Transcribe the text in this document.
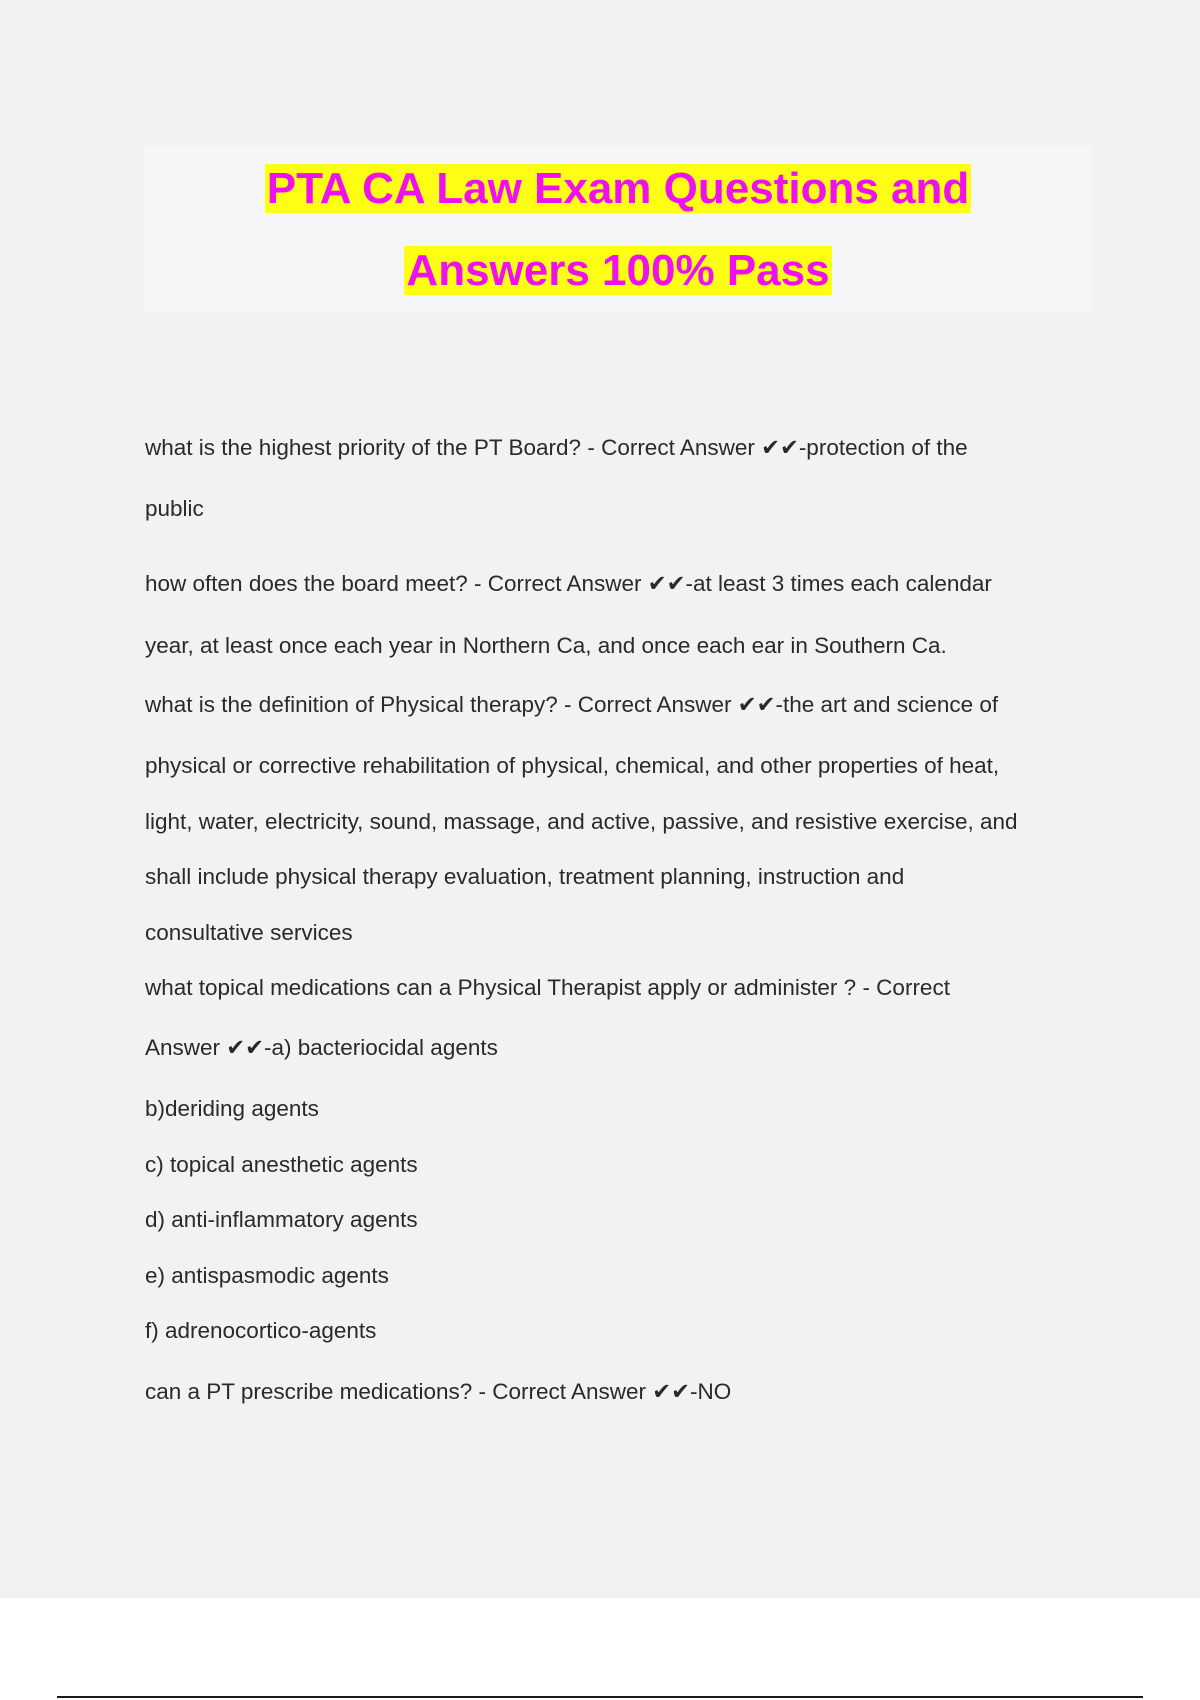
PTA CA Law Exam Questions and
Answers 100% Pass

what is the highest priority of the PT Board? - Correct Answer ✔✔-protection of the

public

how often does the board meet? - Correct Answer ✔✔-at least 3 times each calendar

year, at least once each year in Northern Ca, and once each ear in Southern Ca.

what is the definition of Physical therapy? - Correct Answer ✔✔-the art and science of

physical or corrective rehabilitation of physical, chemical, and other properties of heat,

light, water, electricity, sound, massage, and active, passive, and resistive exercise, and

shall include physical therapy evaluation, treatment planning, instruction and

consultative services

what topical medications can a Physical Therapist apply or administer ? - Correct

Answer ✔✔-a) bacteriocidal agents

b)deriding agents

c) topical anesthetic agents

d) anti-inflammatory agents

e) antispasmodic agents

f) adrenocortico-agents

can a PT prescribe medications? - Correct Answer ✔✔-NO
